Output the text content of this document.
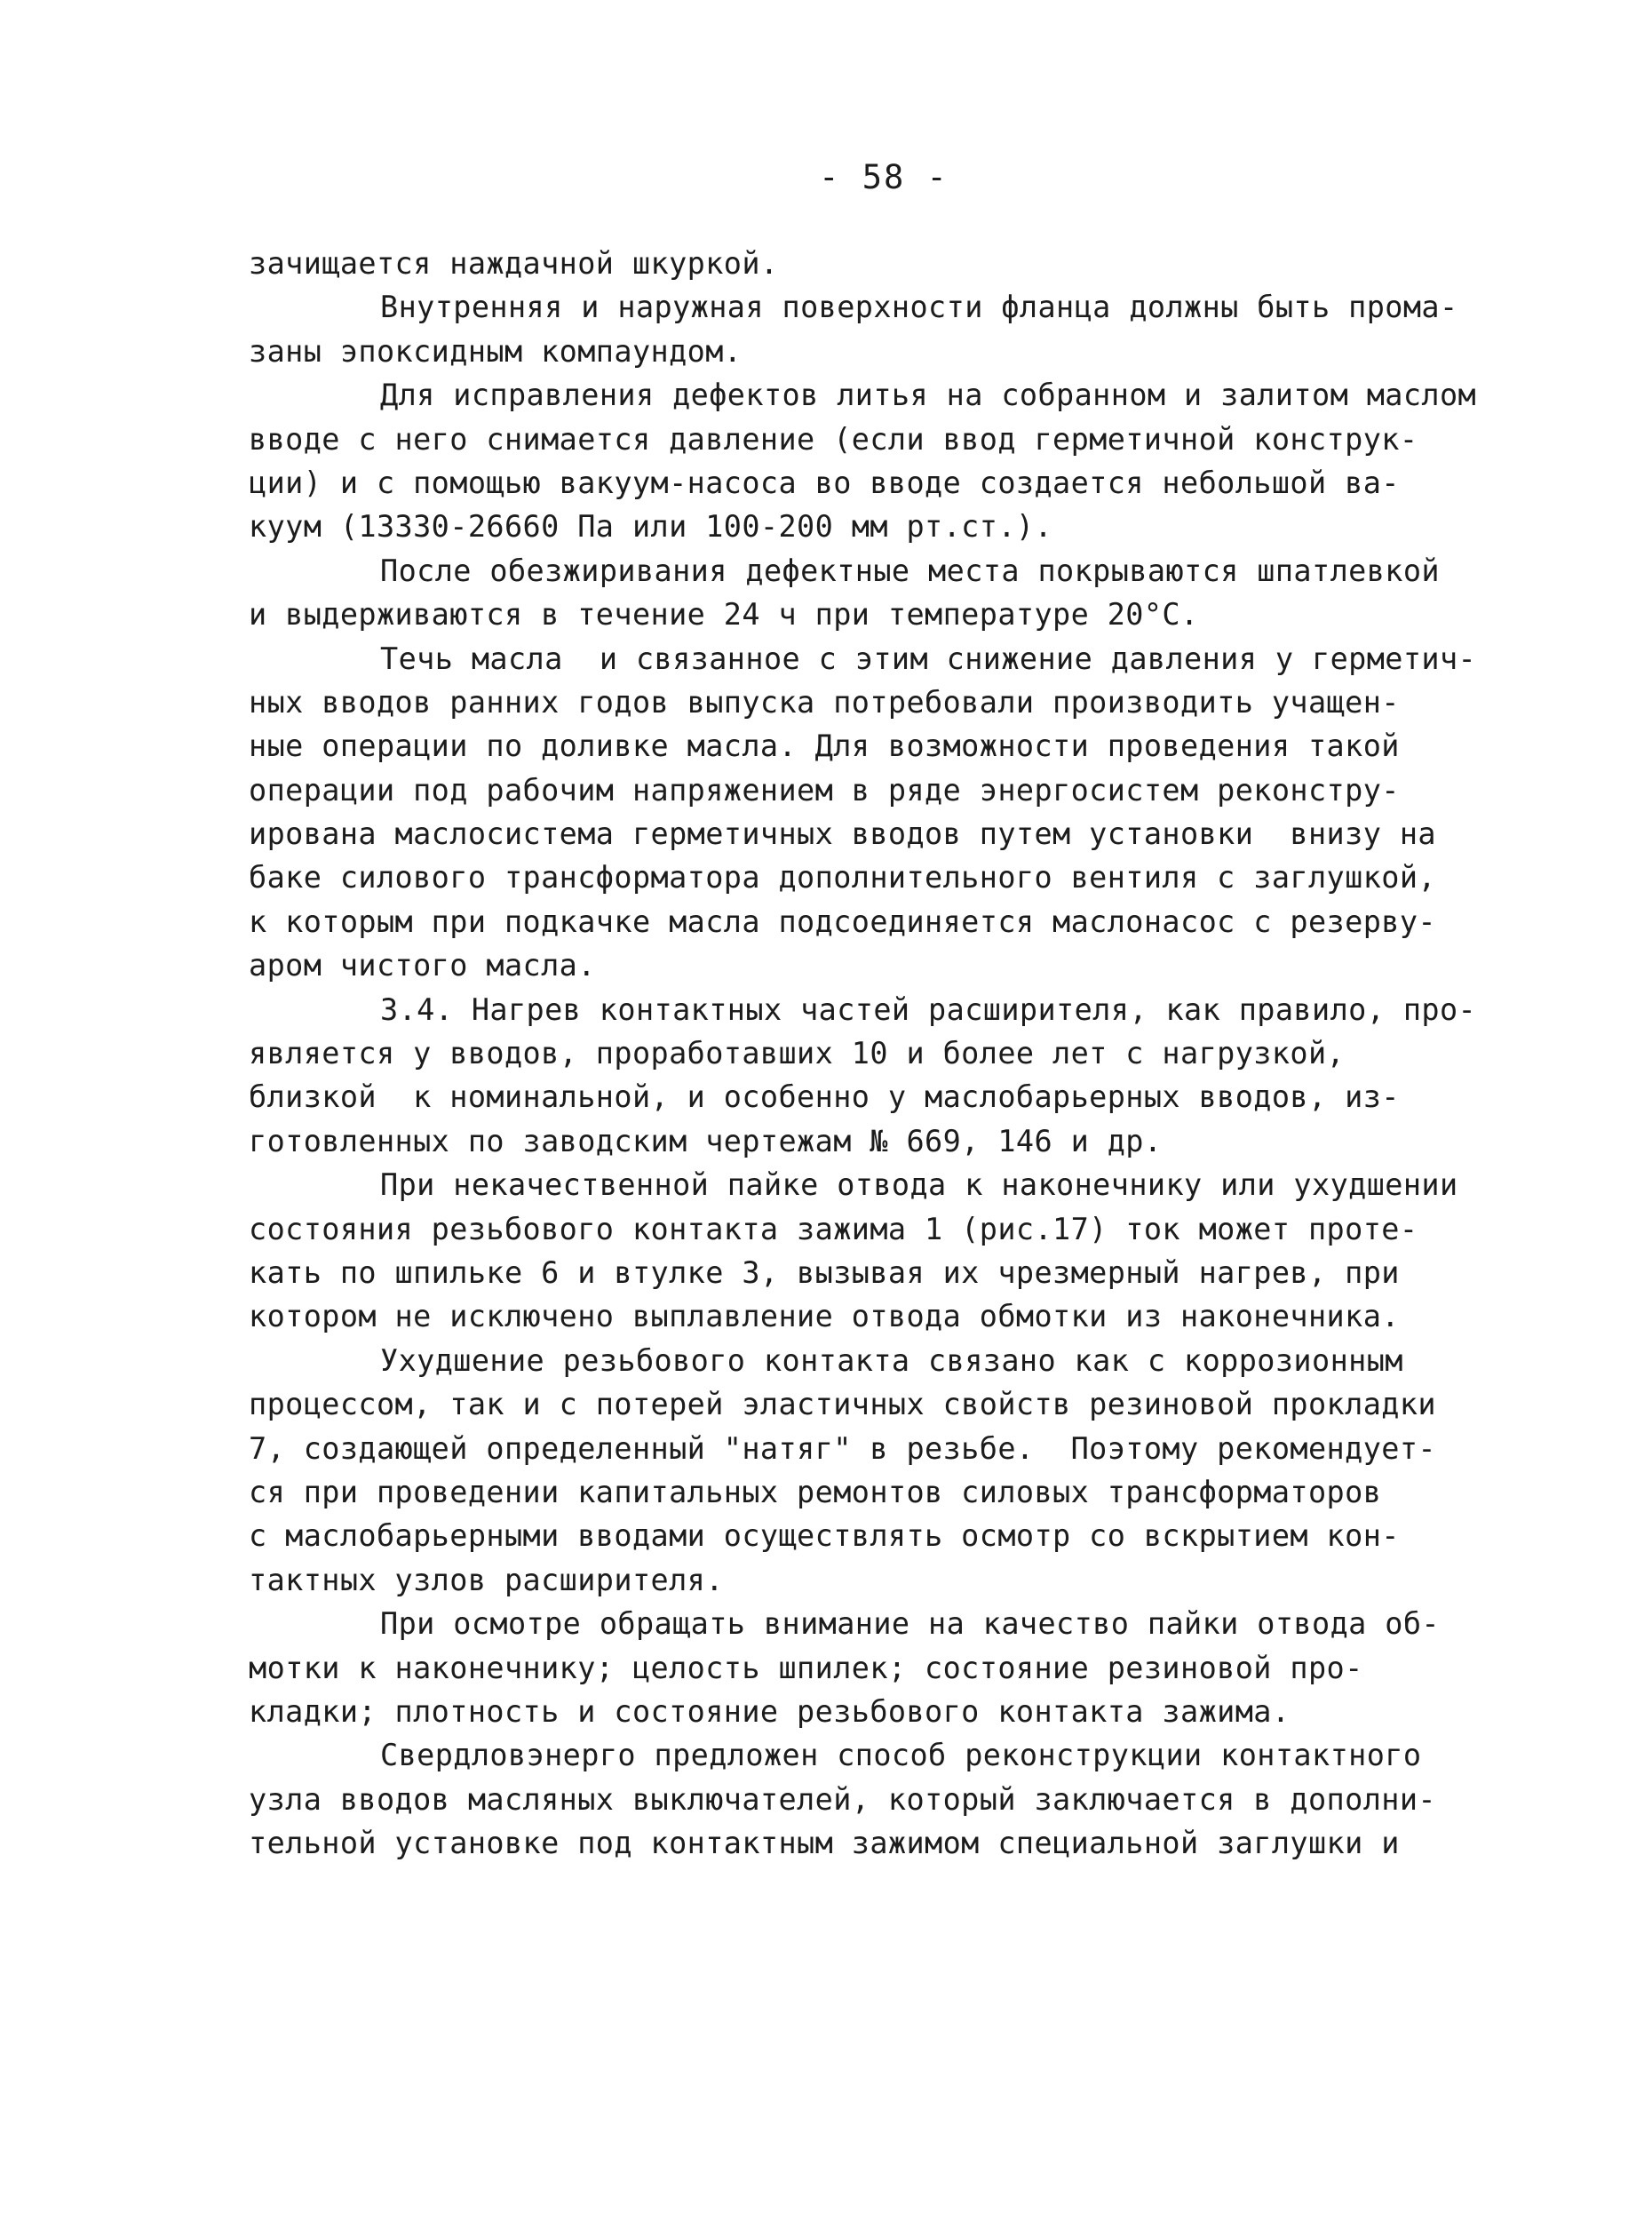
- 58 -
зачищается наждачной шкуркой.
Внутренняя и наружная поверхности фланца должны быть прома-
заны эпоксидным компаундом.
Для исправления дефектов литья на собранном и залитом маслом
вводе с него снимается давление (если ввод герметичной конструк-
ции) и с помощью вакуум-насоса во вводе создается небольшой ва-
куум (13330-26660 Па или 100-200 мм рт.ст.).
После обезжиривания дефектные места покрываются шпатлевкой
и выдерживаются в течение 24 ч при температуре 20°С.
Течь масла  и связанное с этим снижение давления у герметич-
ных вводов ранних годов выпуска потребовали производить учащен-
ные операции по доливке масла. Для возможности проведения такой
операции под рабочим напряжением в ряде энергосистем реконстру-
ирована маслосистема герметичных вводов путем установки  внизу на
баке силового трансформатора дополнительного вентиля с заглушкой,
к которым при подкачке масла подсоединяется маслонасос с резерву-
аром чистого масла.
3.4. Нагрев контактных частей расширителя, как правило, про-
является у вводов, проработавших 10 и более лет с нагрузкой,
близкой  к номинальной, и особенно у маслобарьерных вводов, из-
готовленных по заводским чертежам № 669, 146 и др.
При некачественной пайке отвода к наконечнику или ухудшении
состояния резьбового контакта зажима 1 (рис.17) ток может проте-
кать по шпильке 6 и втулке 3, вызывая их чрезмерный нагрев, при
котором не исключено выплавление отвода обмотки из наконечника.
Ухудшение резьбового контакта связано как с коррозионным
процессом, так и с потерей эластичных свойств резиновой прокладки
7, создающей определенный "натяг" в резьбе.  Поэтому рекомендует-
ся при проведении капитальных ремонтов силовых трансформаторов
с маслобарьерными вводами осуществлять осмотр со вскрытием кон-
тактных узлов расширителя.
При осмотре обращать внимание на качество пайки отвода об-
мотки к наконечнику; целость шпилек; состояние резиновой про-
кладки; плотность и состояние резьбового контакта зажима.
Свердловэнерго предложен способ реконструкции контактного
узла вводов масляных выключателей, который заключается в дополни-
тельной установке под контактным зажимом специальной заглушки и
